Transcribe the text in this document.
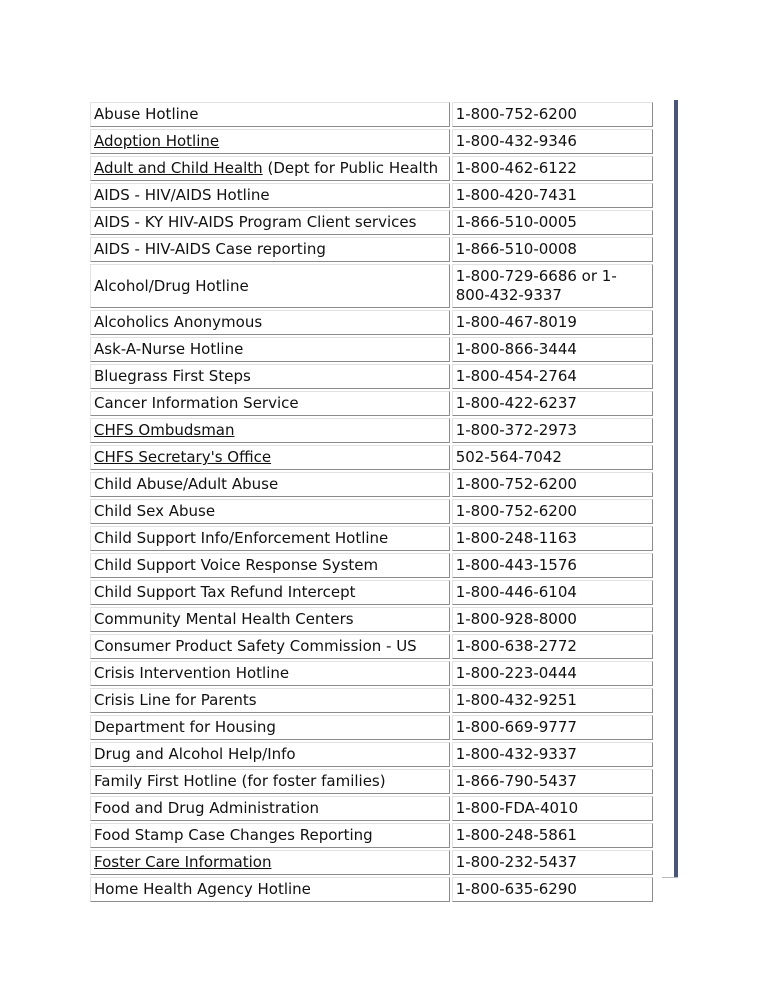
Abuse Hotline	1-800-752-6200

Adoption Hotline	1-800-432-9346

Adult and Child Health (Dept for Public Health	1-800-462-6122

AIDS - HIV/AIDS Hotline	1-800-420-7431

AIDS - KY HIV-AIDS Program Client services	1-866-510-0005

AIDS - HIV-AIDS Case reporting	1-866-510-0008

Alcohol/Drug Hotline	1-800-729-6686 or 1-800-432-9337

Alcoholics Anonymous	1-800-467-8019

Ask-A-Nurse Hotline	1-800-866-3444

Bluegrass First Steps	1-800-454-2764

Cancer Information Service	1-800-422-6237

CHFS Ombudsman	1-800-372-2973

CHFS Secretary's Office	502-564-7042

Child Abuse/Adult Abuse	1-800-752-6200

Child Sex Abuse	1-800-752-6200

Child Support Info/Enforcement Hotline	1-800-248-1163

Child Support Voice Response System	1-800-443-1576

Child Support Tax Refund Intercept	1-800-446-6104

Community Mental Health Centers	1-800-928-8000

Consumer Product Safety Commission - US	1-800-638-2772

Crisis Intervention Hotline	1-800-223-0444

Crisis Line for Parents	1-800-432-9251

Department for Housing	1-800-669-9777

Drug and Alcohol Help/Info	1-800-432-9337

Family First Hotline (for foster families)	1-866-790-5437

Food and Drug Administration	1-800-FDA-4010

Food Stamp Case Changes Reporting	1-800-248-5861

Foster Care Information	1-800-232-5437

Home Health Agency Hotline	1-800-635-6290
